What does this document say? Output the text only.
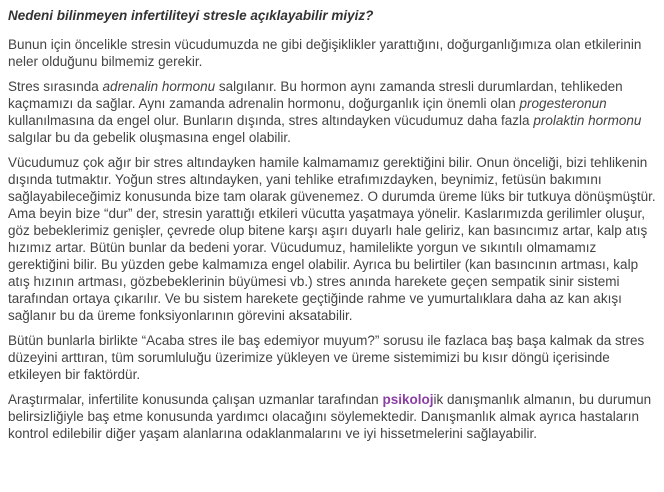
Nedeni bilinmeyen infertiliteyi stresle açıklayabilir miyiz?

Bunun için öncelikle stresin vücudumuzda ne gibi değişiklikler yarattığını, doğurganlığımıza olan etkilerinin neler olduğunu bilmemiz gerekir.

Stres sırasında adrenalin hormonu salgılanır. Bu hormon aynı zamanda stresli durumlardan, tehlikeden kaçmamızı da sağlar. Aynı zamanda adrenalin hormonu, doğurganlık için önemli olan progesteronun kullanılmasına da engel olur. Bunların dışında, stres altındayken vücudumuz daha fazla prolaktin hormonu salgılar bu da gebelik oluşmasına engel olabilir.

Vücudumuz çok ağır bir stres altındayken hamile kalmamamız gerektiğini bilir. Onun önceliği, bizi tehlikenin dışında tutmaktır. Yoğun stres altındayken, yani tehlike etrafımızdayken, beynimiz, fetüsün bakımını sağlayabileceğimiz konusunda bize tam olarak güvenemez. O durumda üreme lüks bir tutkuya dönüşmüştür. Ama beyin bize “dur” der, stresin yarattığı etkileri vücutta yaşatmaya yönelir. Kaslarımızda gerilimler oluşur, göz bebeklerimiz genişler, çevrede olup bitene karşı aşırı duyarlı hale geliriz, kan basıncımız artar, kalp atış hızımız artar. Bütün bunlar da bedeni yorar. Vücudumuz, hamilelikte yorgun ve sıkıntılı olmamamız gerektiğini bilir. Bu yüzden gebe kalmamıza engel olabilir. Ayrıca bu belirtiler (kan basıncının artması, kalp atış hızının artması, gözbebeklerinin büyümesi vb.) stres anında harekete geçen sempatik sinir sistemi tarafından ortaya çıkarılır. Ve bu sistem harekete geçtiğinde rahme ve yumurtalıklara daha az kan akışı sağlanır bu da üreme fonksiyonlarının görevini aksatabilir.

Bütün bunlarla birlikte “Acaba stres ile baş edemiyor muyum?” sorusu ile fazlaca baş başa kalmak da stres düzeyini arttıran, tüm sorumluluğu üzerimize yükleyen ve üreme sistemimizi bu kısır döngü içerisinde etkileyen bir faktördür.

Araştırmalar, infertilite konusunda çalışan uzmanlar tarafından psikolojik danışmanlık almanın, bu durumun belirsizliğiyle baş etme konusunda yardımcı olacağını söylemektedir. Danışmanlık almak ayrıca hastaların kontrol edilebilir diğer yaşam alanlarına odaklanmalarını ve iyi hissetmelerini sağlayabilir.
